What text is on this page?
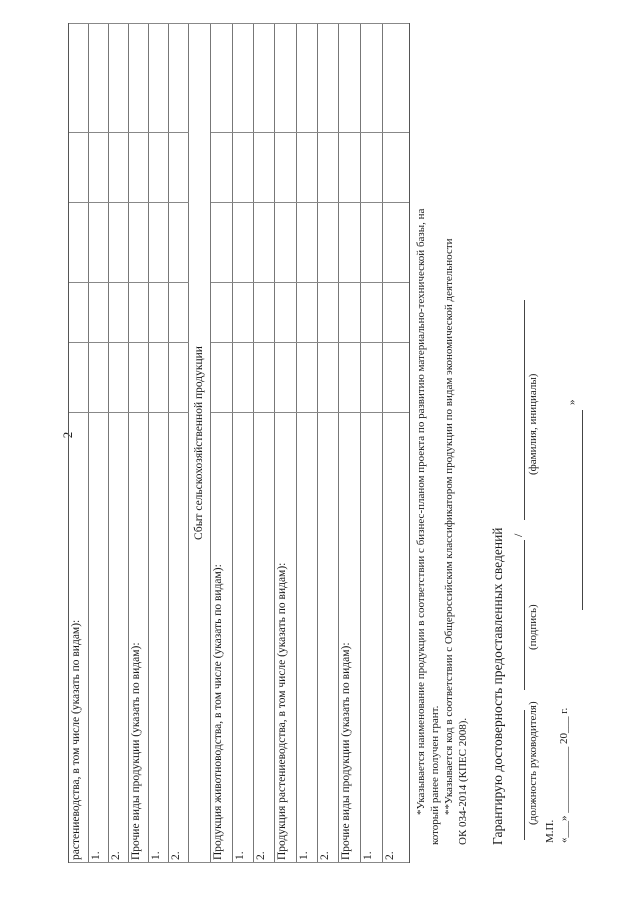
2
растениеводства, в том числе (указать по видам): 1. 2. Прочие виды продукции (указать по видам): 1. 2.
Сбыт сельскохозяйственной продукции
Продукция животноводства, в том числе (указать по видам): 1. 2. Продукция растениеводства, в том числе (указать по видам): 1. 2. Прочие виды продукции (указать по видам): 1. 2.
*Указывается наименование продукции в соответствии с бизнес-планом проекта по развитию материально-технической базы, на который ранее получен грант. **Указывается код в соответствии с Общероссийским классификатором продукции по видам экономической деятельности ОК 034-2014 (КПЕС 2008). Гарантирую достоверность предоставленных сведений (должность руководителя)
(подпись)
/
(фамилия, инициалы)
М.П. «___» ____________ 20___ г.
»
